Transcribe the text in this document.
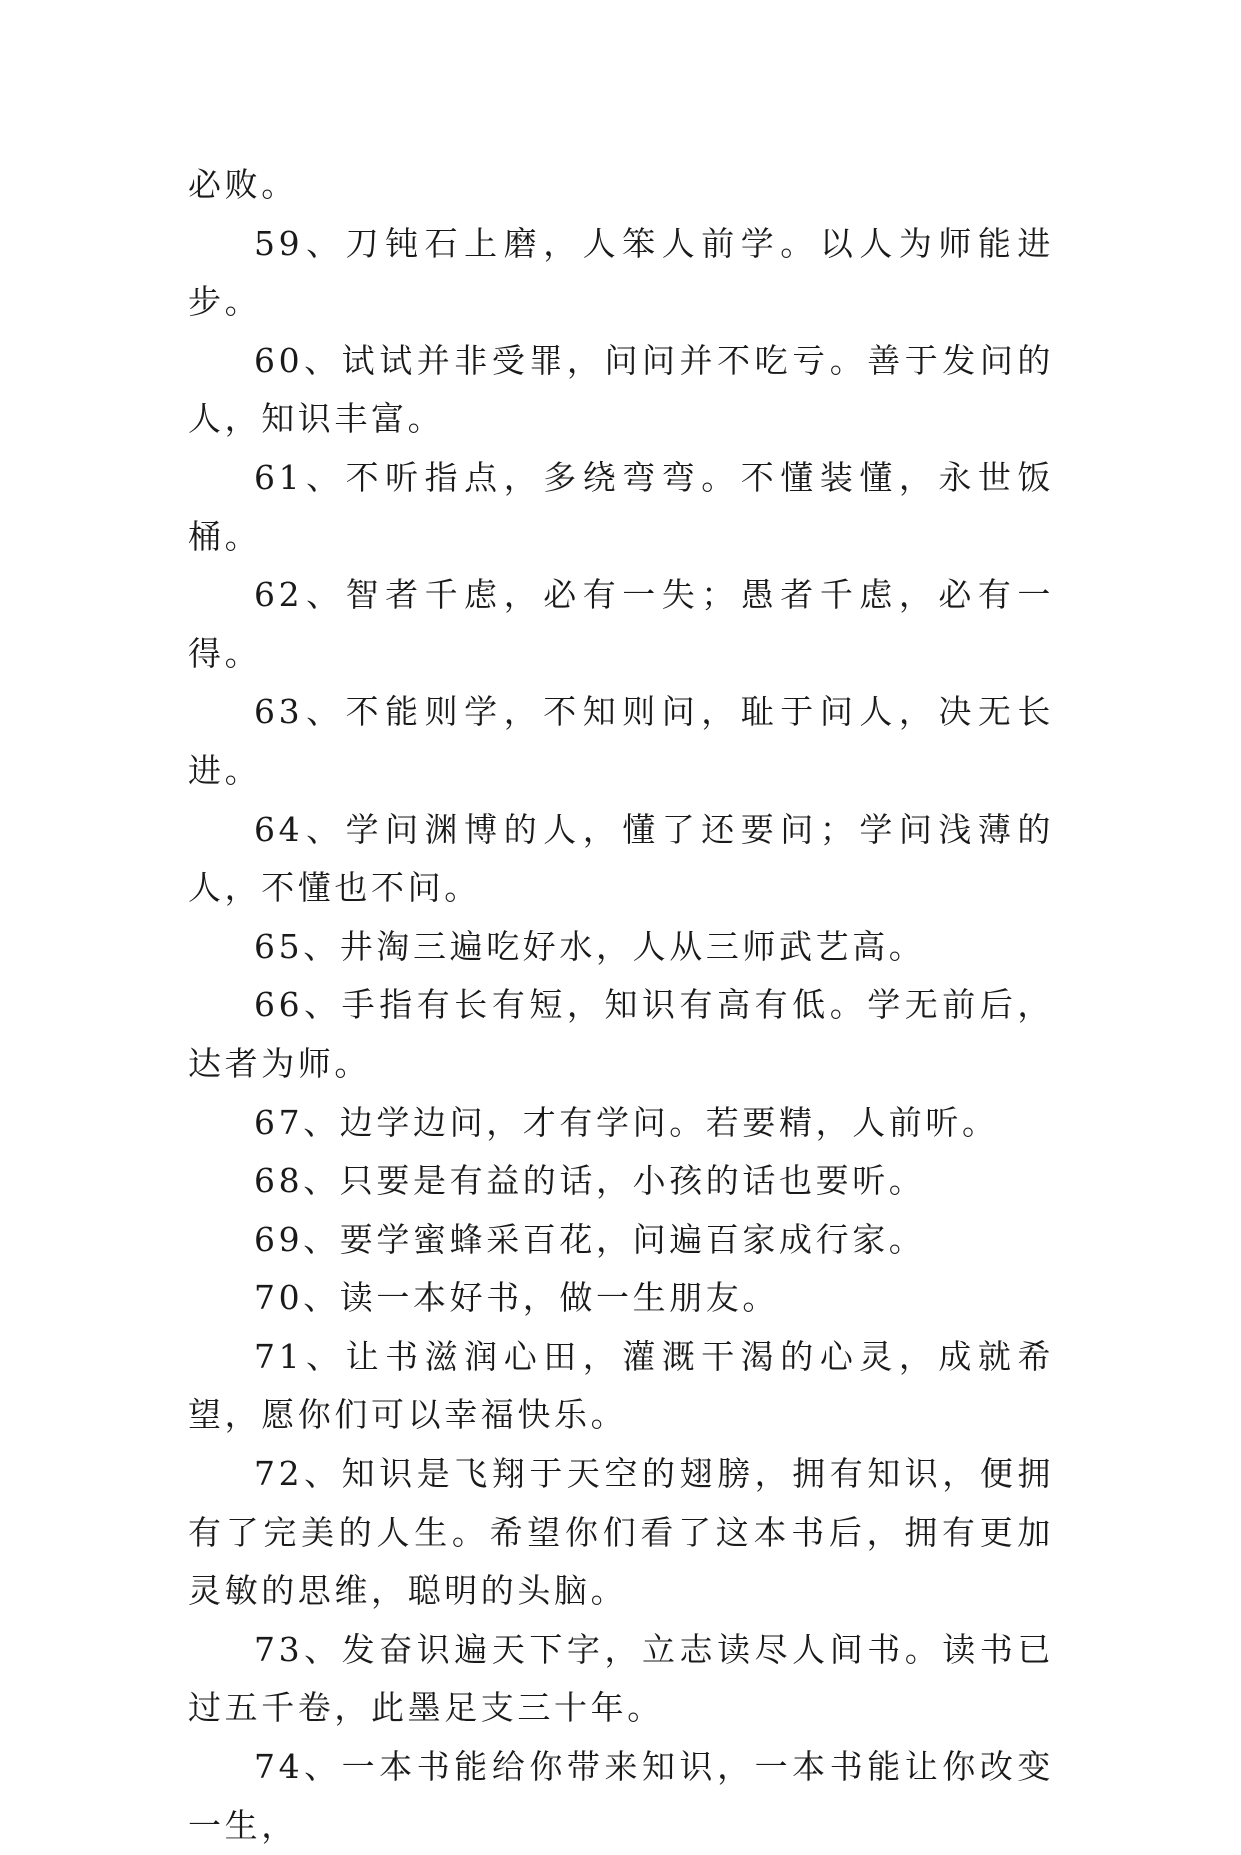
必败。

59、刀钝石上磨，人笨人前学。以人为师能进步。

60、试试并非受罪，问问并不吃亏。善于发问的人，知识丰富。

61、不听指点，多绕弯弯。不懂装懂，永世饭桶。

62、智者千虑，必有一失；愚者千虑，必有一得。

63、不能则学，不知则问，耻于问人，决无长进。

64、学问渊博的人，懂了还要问；学问浅薄的人，不懂也不问。

65、井淘三遍吃好水，人从三师武艺高。

66、手指有长有短，知识有高有低。学无前后，达者为师。

67、边学边问，才有学问。若要精，人前听。

68、只要是有益的话，小孩的话也要听。

69、要学蜜蜂采百花，问遍百家成行家。

70、读一本好书，做一生朋友。

71、让书滋润心田，灌溉干渴的心灵，成就希望，愿你们可以幸福快乐。

72、知识是飞翔于天空的翅膀，拥有知识，便拥有了完美的人生。希望你们看了这本书后，拥有更加灵敏的思维，聪明的头脑。

73、发奋识遍天下字，立志读尽人间书。读书已过五千卷，此墨足支三十年。

74、一本书能给你带来知识，一本书能让你改变一生，
